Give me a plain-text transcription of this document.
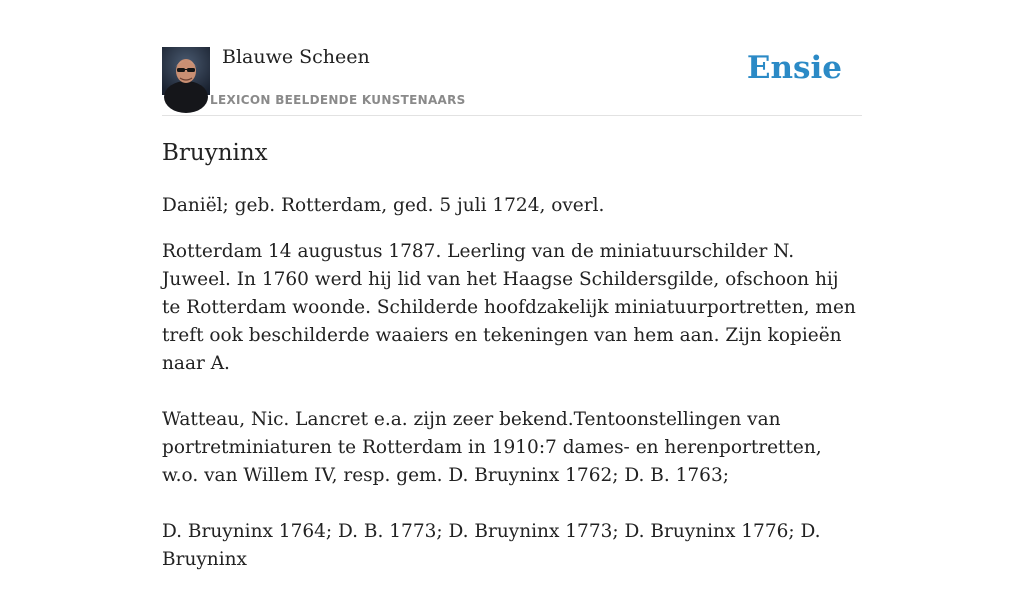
Blauwe Scheen
LEXICON BEELDENDE KUNSTENAARS
Ensie
Bruyninx

Daniël; geb. Rotterdam, ged. 5 juli 1724, overl.

Rotterdam 14 augustus 1787. Leerling van de miniatuurschilder N. Juweel. In 1760 werd hij lid van het Haagse Schildersgilde, ofschoon hij te Rotterdam woonde. Schilderde hoofdzakelijk miniatuurportretten, men treft ook beschilderde waaiers en tekeningen van hem aan. Zijn kopieën naar A.

Watteau, Nic. Lancret e.a. zijn zeer bekend.Tentoonstellingen van portretminiaturen te Rotterdam in 1910:7 dames- en herenportretten, w.o. van Willem IV, resp. gem. D. Bruyninx 1762; D. B. 1763;

D. Bruyninx 1764; D. B. 1773; D. Bruyninx 1773; D. Bruyninx 1776; D. Bruyninx
